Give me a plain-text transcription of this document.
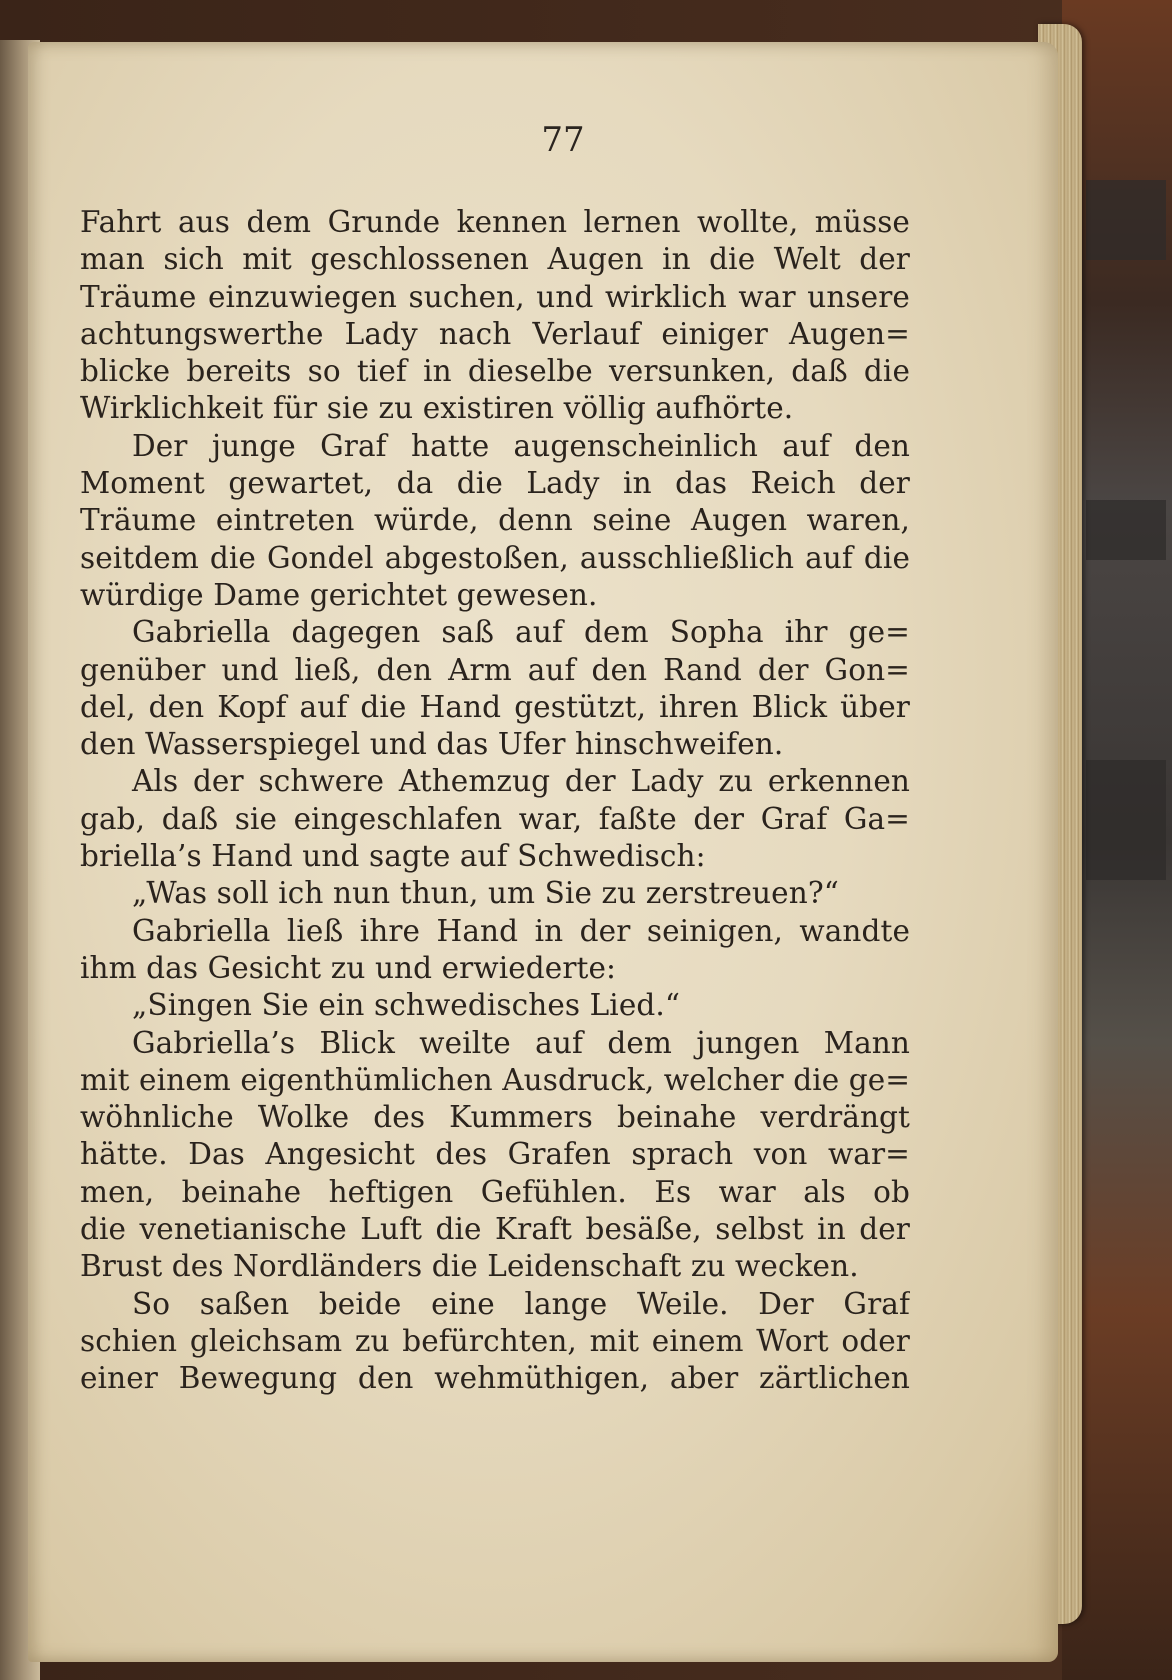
77
Fahrt aus dem Grunde kennen lernen wollte, müsse
man sich mit geschlossenen Augen in die Welt der
Träume einzuwiegen suchen, und wirklich war unsere
achtungswerthe Lady nach Verlauf einiger Augen=
blicke bereits so tief in dieselbe versunken, daß die
Wirklichkeit für sie zu existiren völlig aufhörte.
Der junge Graf hatte augenscheinlich auf den
Moment gewartet, da die Lady in das Reich der
Träume eintreten würde, denn seine Augen waren,
seitdem die Gondel abgestoßen, ausschließlich auf die
würdige Dame gerichtet gewesen.
Gabriella dagegen saß auf dem Sopha ihr ge=
genüber und ließ, den Arm auf den Rand der Gon=
del, den Kopf auf die Hand gestützt, ihren Blick über
den Wasserspiegel und das Ufer hinschweifen.
Als der schwere Athemzug der Lady zu erkennen
gab, daß sie eingeschlafen war, faßte der Graf Ga=
briella’s Hand und sagte auf Schwedisch:
„Was soll ich nun thun, um Sie zu zerstreuen?“
Gabriella ließ ihre Hand in der seinigen, wandte
ihm das Gesicht zu und erwiederte:
„Singen Sie ein schwedisches Lied.“
Gabriella’s Blick weilte auf dem jungen Mann
mit einem eigenthümlichen Ausdruck, welcher die ge=
wöhnliche Wolke des Kummers beinahe verdrängt
hätte. Das Angesicht des Grafen sprach von war=
men, beinahe heftigen Gefühlen. Es war als ob
die venetianische Luft die Kraft besäße, selbst in der
Brust des Nordländers die Leidenschaft zu wecken.
So saßen beide eine lange Weile. Der Graf
schien gleichsam zu befürchten, mit einem Wort oder
einer Bewegung den wehmüthigen, aber zärtlichen
